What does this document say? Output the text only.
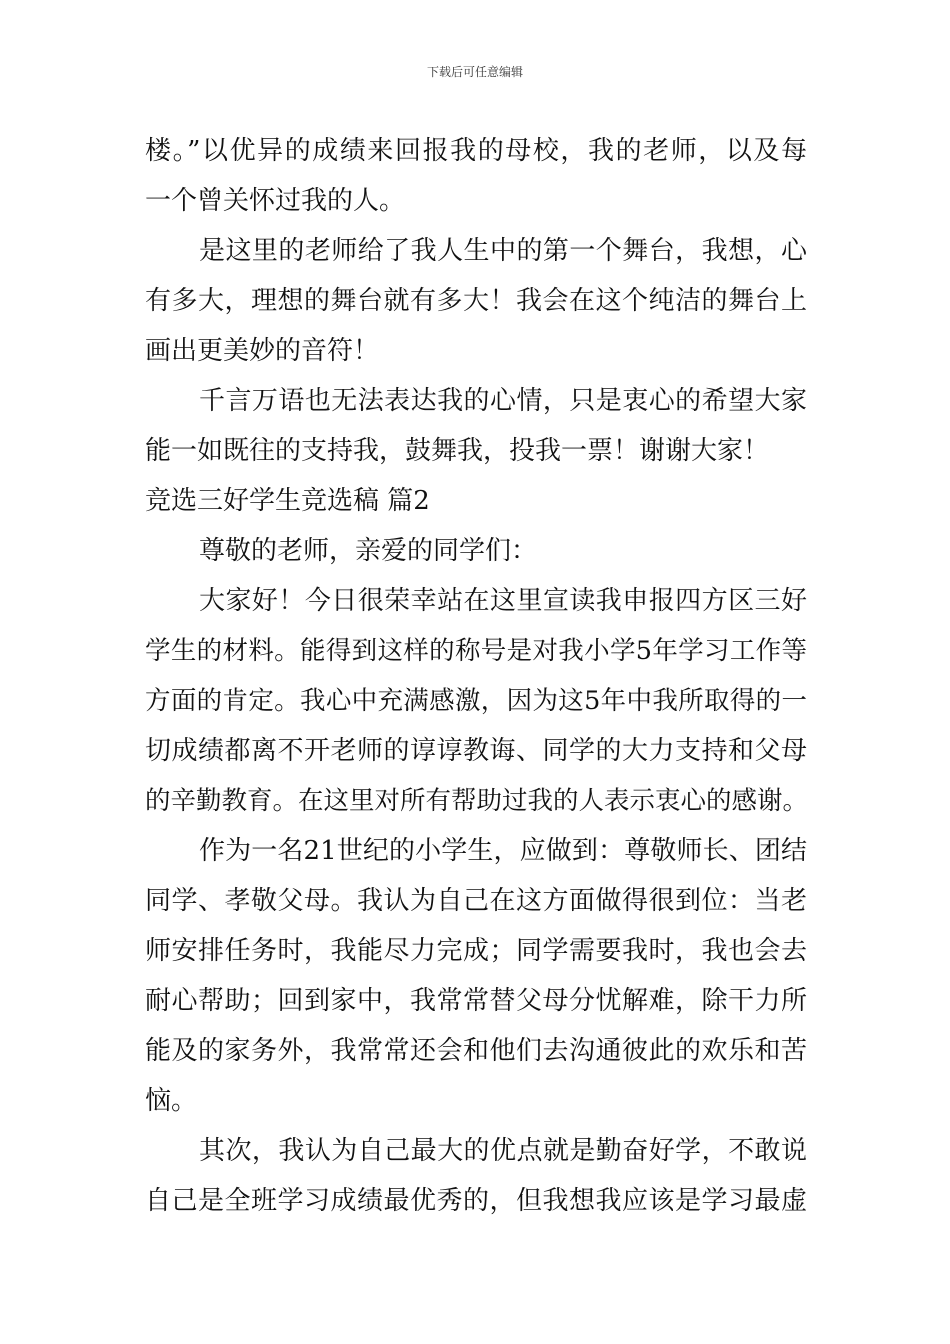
下载后可任意编辑
楼。”以优异的成绩来回报我的母校，我的老师，以及每
一个曾关怀过我的人。
是这里的老师给了我人生中的第一个舞台，我想，心
有多大，理想的舞台就有多大！我会在这个纯洁的舞台上
画出更美妙的音符！
千言万语也无法表达我的心情，只是衷心的希望大家
能一如既往的支持我，鼓舞我，投我一票！谢谢大家！
竞选三好学生竞选稿 篇2
尊敬的老师，亲爱的同学们：
大家好！今日很荣幸站在这里宣读我申报四方区三好
学生的材料。能得到这样的称号是对我小学5年学习工作等
方面的肯定。我心中充满感激，因为这5年中我所取得的一
切成绩都离不开老师的谆谆教诲、同学的大力支持和父母
的辛勤教育。在这里对所有帮助过我的人表示衷心的感谢。
作为一名21世纪的小学生，应做到：尊敬师长、团结
同学、孝敬父母。我认为自己在这方面做得很到位：当老
师安排任务时，我能尽力完成；同学需要我时，我也会去
耐心帮助；回到家中，我常常替父母分忧解难，除干力所
能及的家务外，我常常还会和他们去沟通彼此的欢乐和苦
恼。
其次，我认为自己最大的优点就是勤奋好学，不敢说
自己是全班学习成绩最优秀的，但我想我应该是学习最虚
